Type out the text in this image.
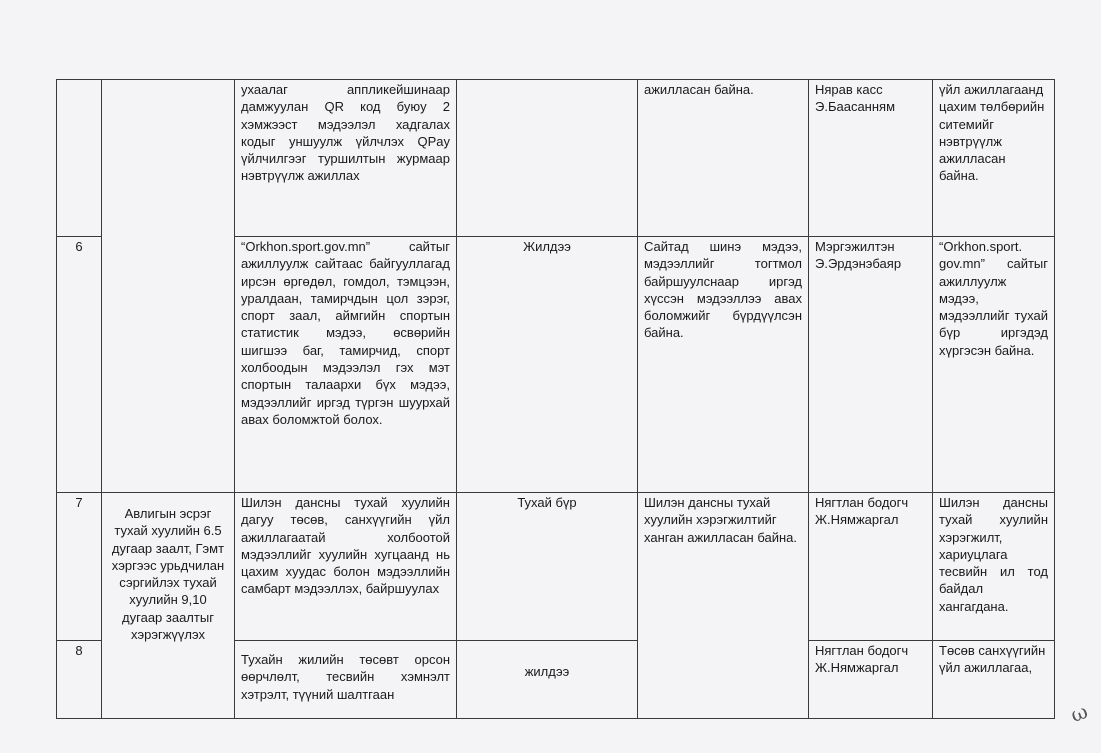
		ухаалаг аппликейшинаар дамжуулан QR код буюу 2 хэмжээст мэдээлэл хадгалах кодыг уншуулж үйлчлэх QPay үйлчилгээг туршилтын журмаар нэвтрүүлж ажиллах		ажилласан байна.	Нярав касс Э.Баасанням	үйл ажиллагаанд цахим төлбөрийн ситемийг нэвтрүүлж ажилласан байна.
6		“Orkhon.sport.gov.mn” сайтыг ажиллуулж сайтаас байгууллагад ирсэн өргөдөл, гомдол, тэмцээн, уралдаан, тамирчдын цол зэрэг, спорт заал, аймгийн спортын статистик мэдээ, өсвөрийн шигшээ баг, тамирчид, спорт холбоодын мэдээлэл гэх мэт спортын талаархи бүх мэдээ, мэдээллийг иргэд түргэн шуурхай авах боломжтой болох.	Жилдээ	Сайтад шинэ мэдээ, мэдээллийг тогтмол байршуулснаар иргэд хүссэн мэдээллээ авах боломжийг бүрдүүлсэн байна.	Мэргэжилтэн Э.Эрдэнэбаяр	“Orkhon.sport. gov.mn” сайтыг ажиллуулж мэдээ, мэдээллийг тухай бүр иргэдэд хүргэсэн байна.
7	Авлигын эсрэг тухай хуулийн 6.5 дугаар заалт, Гэмт хэргээс урьдчилан сэргийлэх тухай хуулийн 9,10 дугаар заалтыг хэрэгжүүлэх	Шилэн дансны тухай хуулийн дагуу төсөв, санхүүгийн үйл ажиллагаатай холбоотой мэдээллийг хуулийн хугцаанд нь цахим хуудас болон мэдээллийн самбарт мэдээллэх, байршуулах	Тухай бүр	Шилэн дансны тухай хуулийн хэрэгжилтийг ханган ажилласан байна.	Нягтлан бодогч Ж.Нямжаргал	Шилэн дансны тухай хуулийн хэрэгжилт, хариуцлага тесвийн ил тод байдал хангагдана.
8		Тухайн жилийн төсөвт орсон өөрчлөлт, тесвийн хэмнэлт хэтрэлт, түүний шалтгаан	жилдээ		Нягтлан бодогч Ж.Нямжаргал	Төсөв санхүүгийн үйл ажиллагаа,
ω
